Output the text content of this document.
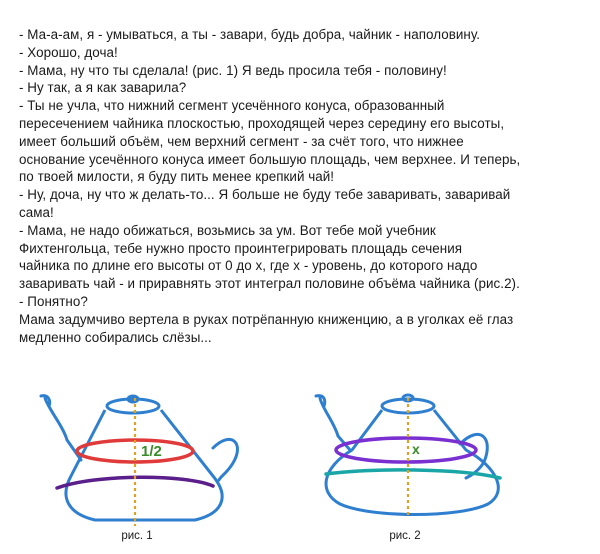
- Ма-а-ам, я - умываться, а ты - завари, будь добра, чайник - наполовину.
- Хорошо, доча!
- Мама, ну что ты сделала! (рис. 1) Я ведь просила тебя - половину!
- Ну так, а я как заварила?
- Ты не учла, что нижний сегмент усечённого конуса, образованный
пересечением чайника плоскостью, проходящей через середину его высоты,
имеет больший объём, чем верхний сегмент - за счёт того, что нижнее
основание усечённого конуса имеет большую площадь, чем верхнее. И теперь,
по твоей милости, я буду пить менее крепкий чай!
- Ну, доча, ну что ж делать-то... Я больше не буду тебе заваривать, заваривай
сама!
- Мама, не надо обижаться, возьмись за ум. Вот тебе мой учебник
Фихтенгольца, тебе нужно просто проинтегрировать площадь сечения
чайника по длине его высоты от 0 до х, где х - уровень, до которого надо
заваривать чай - и приравнять этот интеграл половине объёма чайника (рис.2).
- Понятно?
Мама задумчиво вертела в руках потрёпанную книженцию, а в уголках её глаз
медленно собирались слёзы...
1/2	x
рис. 1	рис. 2
